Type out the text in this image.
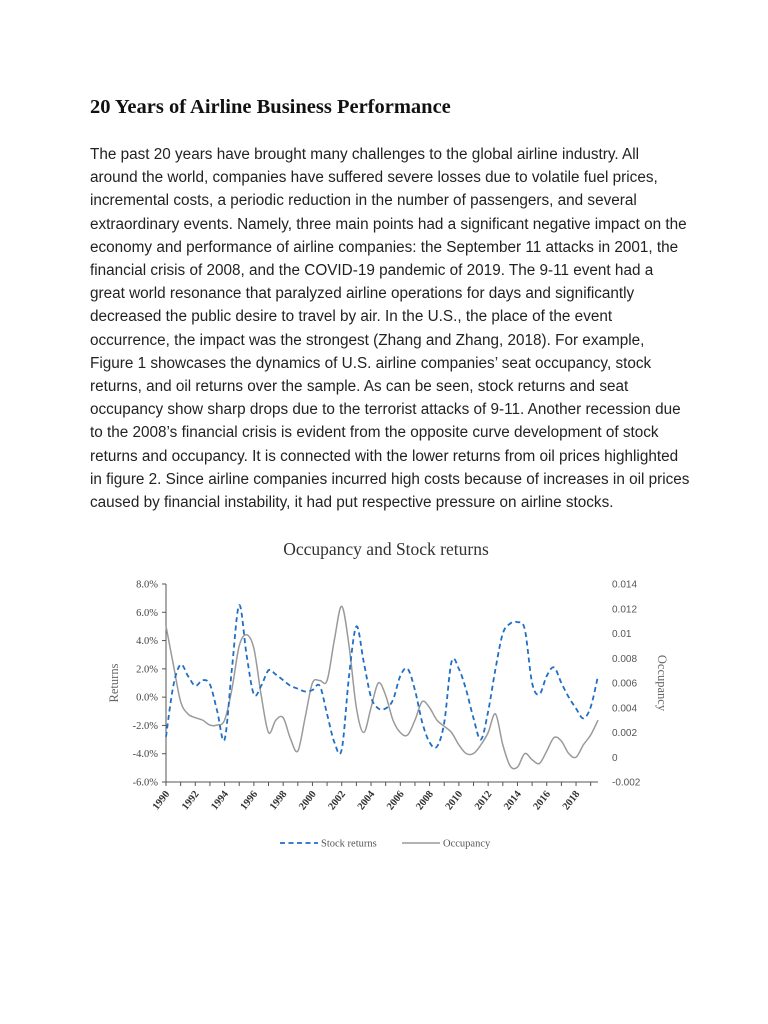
20 Years of Airline Business Performance

The past 20 years have brought many challenges to the global airline industry. All around the world, companies have suffered severe losses due to volatile fuel prices, incremental costs, a periodic reduction in the number of passengers, and several extraordinary events. Namely, three main points had a significant negative impact on the economy and performance of airline companies: the September 11 attacks in 2001, the financial crisis of 2008, and the COVID-19 pandemic of 2019. The 9-11 event had a great world resonance that paralyzed airline operations for days and significantly decreased the public desire to travel by air. In the U.S., the place of the event occurrence, the impact was the strongest (Zhang and Zhang, 2018). For example, Figure 1 showcases the dynamics of U.S. airline companies’ seat occupancy, stock returns, and oil returns over the sample. As can be seen, stock returns and seat occupancy show sharp drops due to the terrorist attacks of 9-11. Another recession due to the 2008’s financial crisis is evident from the opposite curve development of stock returns and occupancy. It is connected with the lower returns from oil prices highlighted in figure 2. Since airline companies incurred high costs because of increases in oil prices caused by financial instability, it had put respective pressure on airline stocks.

Occupancy and Stock returns
8.0%
6.0%
4.0%
2.0%
0.0%
-2.0%
-4.0%
-6.0%
0.014
0.012
0.01
0.008
0.006
0.004
0.002
0
-0.002
1990 1992 1994 1996 1998 2000 2002 2004 2006 2008 2010 2012 2014 2016 2018
Returns	Occupancy
Stock returns	Occupancy
